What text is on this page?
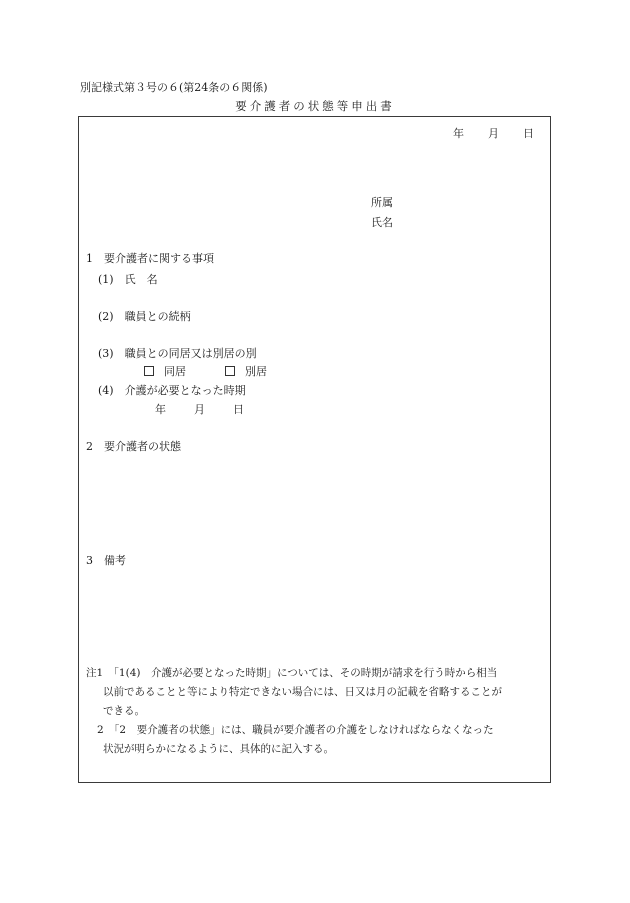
別記様式第３号の６(第24条の６関係)
要介護者の状態等申出書
年 月 日
所属
氏名
1　要介護者に関する事項
(1)　氏　名
(2)　職員との続柄
(3)　職員との同居又は別居の別
同居	別居
(4)　介護が必要となった時期
年	月	日
2　要介護者の状態
3　備考
注1　「1(4)　介護が必要となった時期」については、その時期が請求を行う時から相当
以前であることと等により特定できない場合には、日又は月の記載を省略することが
できる。
2　「2　要介護者の状態」には、職員が要介護者の介護をしなければならなくなった
状況が明らかになるように、具体的に記入する。
